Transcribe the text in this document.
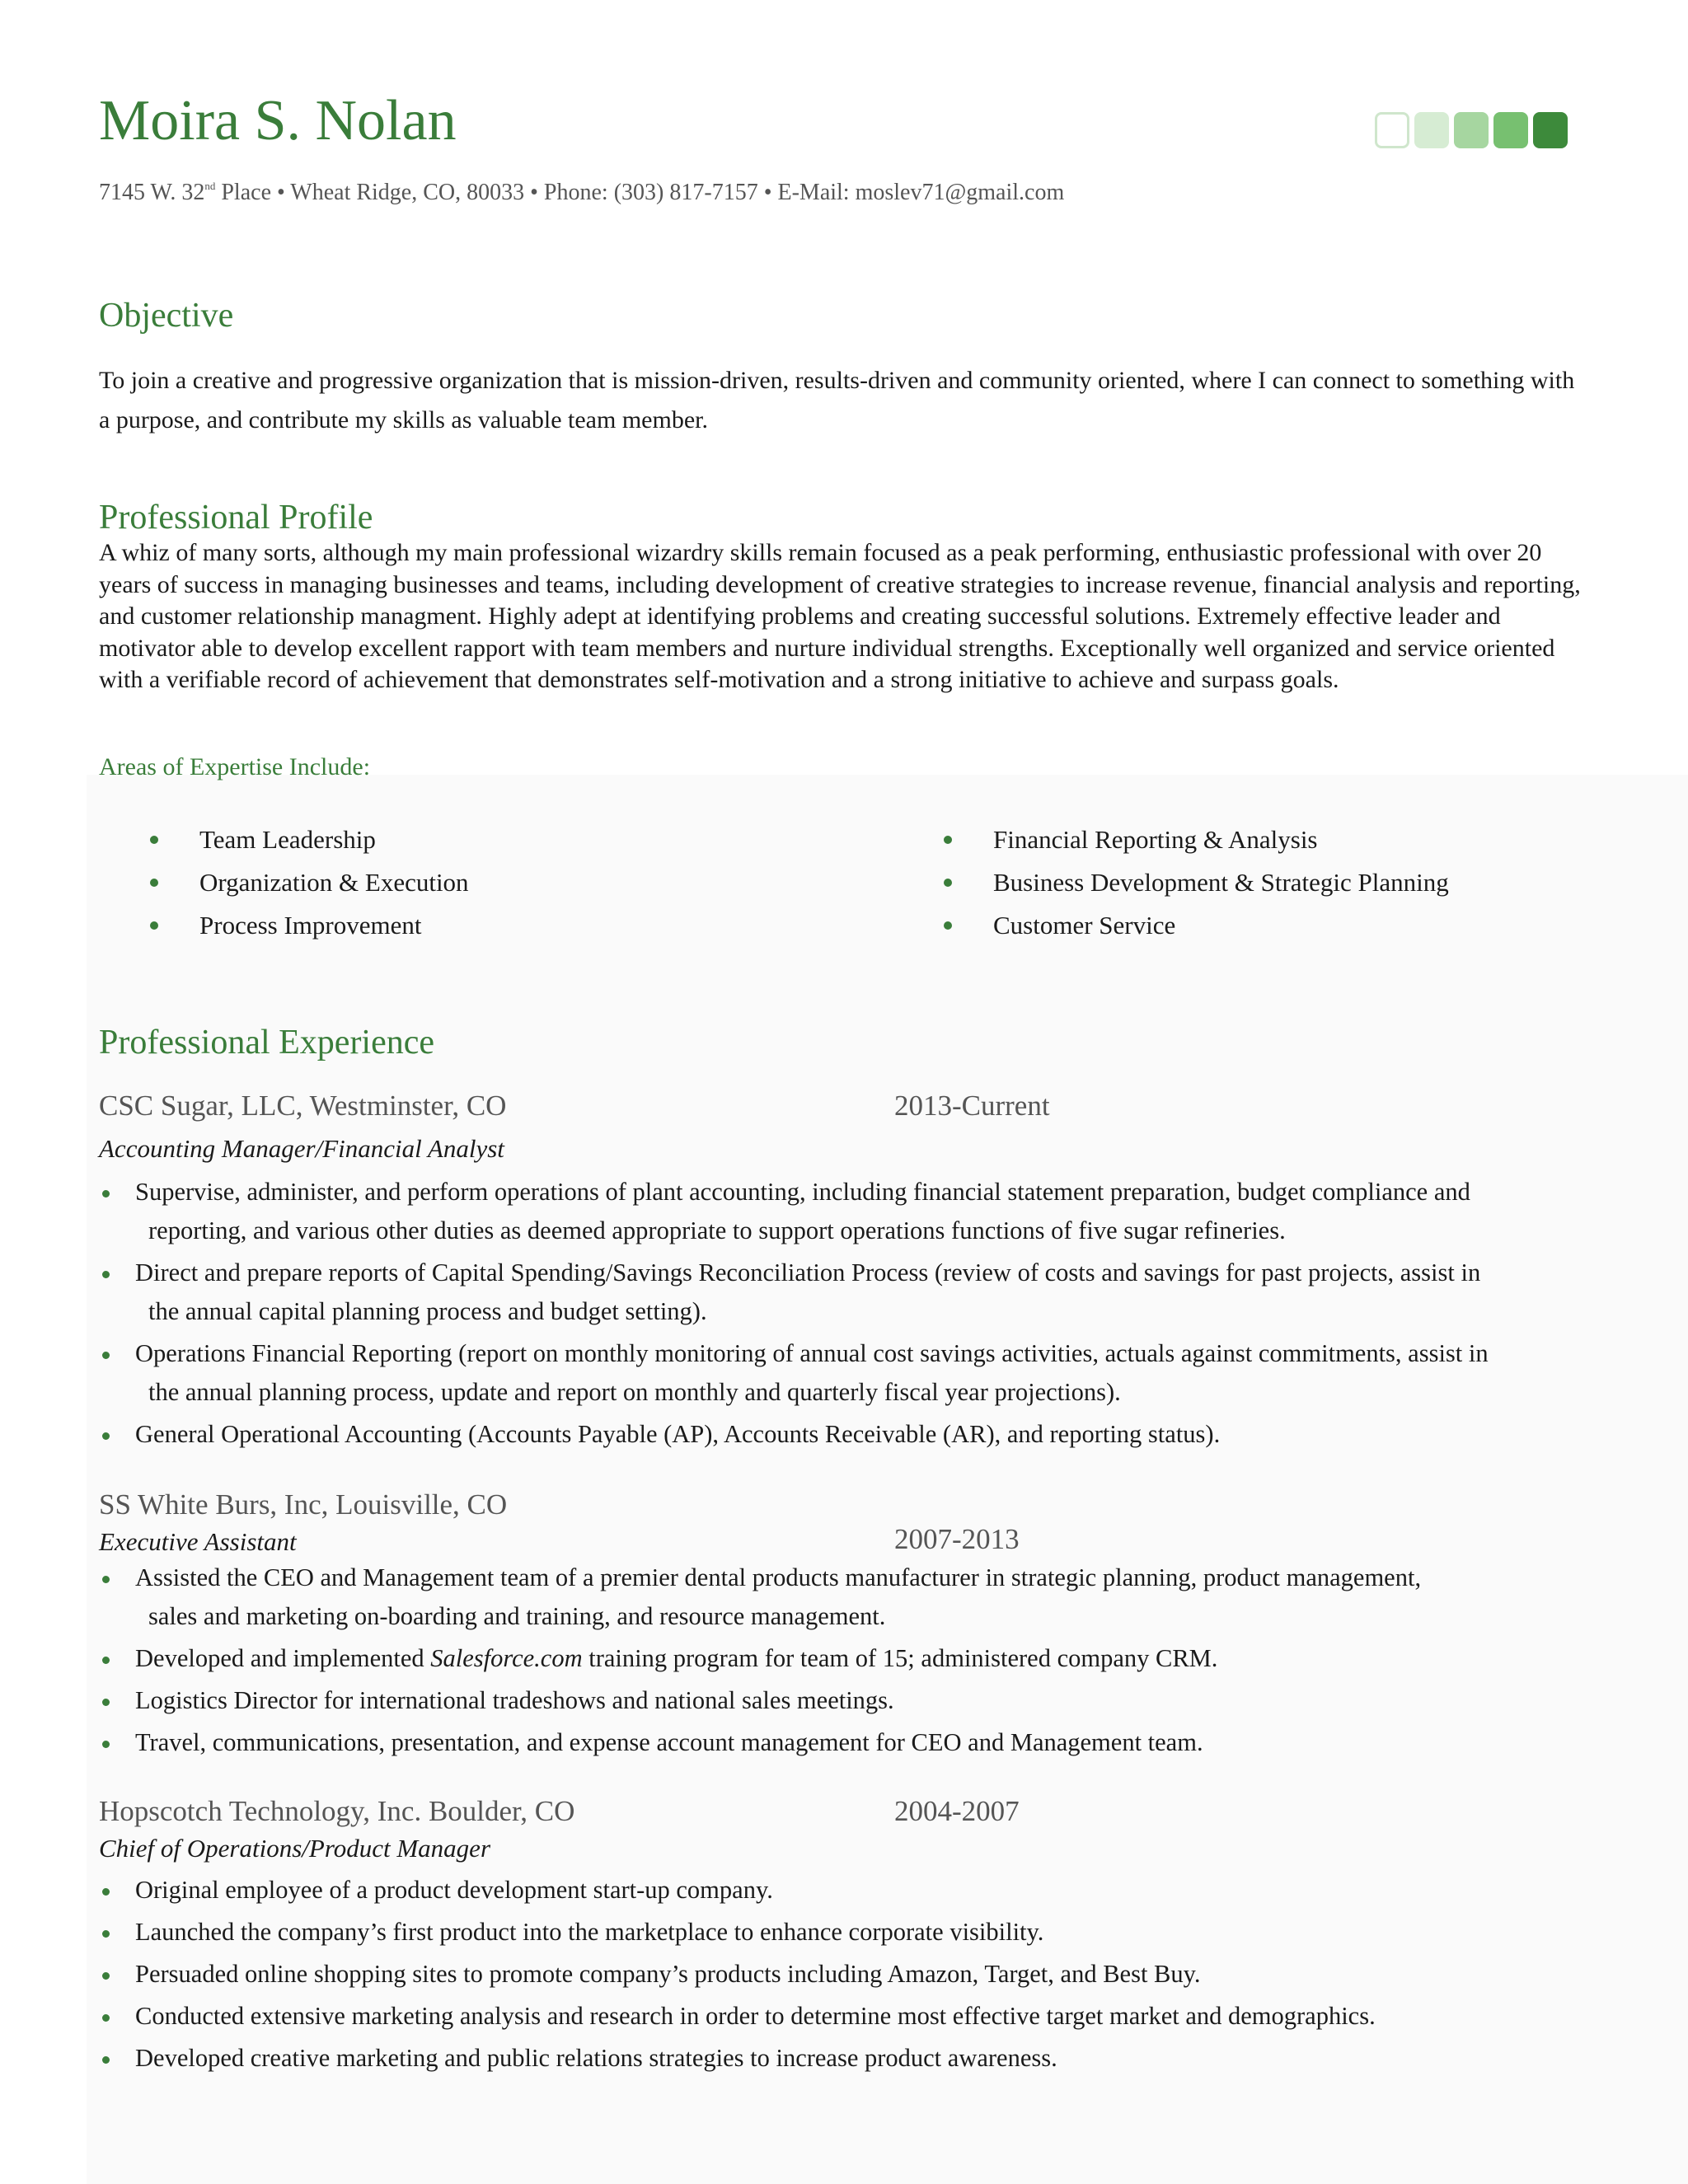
Moira S. Nolan
7145 W. 32nd Place • Wheat Ridge, CO, 80033 • Phone: (303) 817-7157 • E-Mail: moslev71@gmail.com
Objective
To join a creative and progressive organization that is mission-driven, results-driven and community oriented, where I can connect to something with a purpose, and contribute my skills as valuable team member.
Professional Profile
A whiz of many sorts, although my main professional wizardry skills remain focused as a peak performing, enthusiastic professional with over 20 years of success in managing businesses and teams, including development of creative strategies to increase revenue, financial analysis and reporting, and customer relationship managment. Highly adept at identifying problems and creating successful solutions. Extremely effective leader and motivator able to develop excellent rapport with team members and nurture individual strengths. Exceptionally well organized and service oriented with a verifiable record of achievement that demonstrates self-motivation and a strong initiative to achieve and surpass goals.
Areas of Expertise Include:
Team Leadership
Organization & Execution
Process Improvement
Financial Reporting & Analysis
Business Development & Strategic Planning
Customer Service
Professional Experience
CSC Sugar, LLC, Westminster, CO	2013-Current
Accounting Manager/Financial Analyst
Supervise, administer, and perform operations of plant accounting, including financial statement preparation, budget compliance and
reporting, and various other duties as deemed appropriate to support operations functions of five sugar refineries.
Direct and prepare reports of Capital Spending/Savings Reconciliation Process (review of costs and savings for past projects, assist in
the annual capital planning process and budget setting).
Operations Financial Reporting (report on monthly monitoring of annual cost savings activities, actuals against commitments, assist in
the annual planning process, update and report on monthly and quarterly fiscal year projections).
General Operational Accounting (Accounts Payable (AP), Accounts Receivable (AR), and reporting status).
SS White Burs, Inc, Louisville, CO
Executive Assistant	2007-2013
Assisted the CEO and Management team of a premier dental products manufacturer in strategic planning, product management,
sales and marketing on-boarding and training, and resource management.
Developed and implemented Salesforce.com training program for team of 15; administered company CRM.
Logistics Director for international tradeshows and national sales meetings.
Travel, communications, presentation, and expense account management for CEO and Management team.
Hopscotch Technology, Inc. Boulder, CO	2004-2007
Chief of Operations/Product Manager
Original employee of a product development start-up company.
Launched the company’s first product into the marketplace to enhance corporate visibility.
Persuaded online shopping sites to promote company’s products including Amazon, Target, and Best Buy.
Conducted extensive marketing analysis and research in order to determine most effective target market and demographics.
Developed creative marketing and public relations strategies to increase product awareness.
